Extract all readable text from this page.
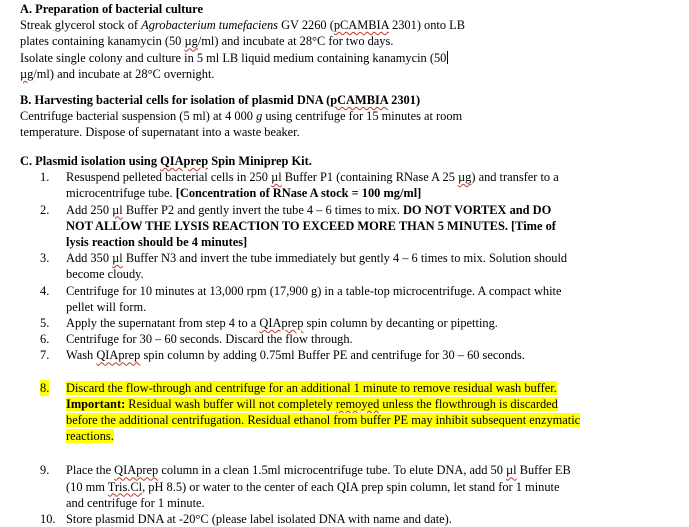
A. Preparation of bacterial culture

Streak glycerol stock of Agrobacterium tumefaciens GV 2260 (pCAMBIA 2301) onto LB

plates containing kanamycin (50 µg/ml) and incubate at 28°C for two days.

Isolate single colony and culture in 5 ml LB liquid medium containing kanamycin (50

µg/ml) and incubate at 28°C overnight.

B. Harvesting bacterial cells for isolation of plasmid DNA (pCAMBIA 2301)

Centrifuge bacterial suspension (5 ml) at 4 000 g using centrifuge for 15 minutes at room

temperature. Dispose of supernatant into a waste beaker.

C. Plasmid isolation using QIAprep Spin Miniprep Kit.
1. Resuspend pelleted bacterial cells in 250 µl Buffer P1 (containing RNase A 25 µg) and transfer to a
microcentrifuge tube. [Concentration of RNase A stock = 100 mg/ml]
2. Add 250 µl Buffer P2 and gently invert the tube 4 – 6 times to mix. DO NOT VORTEX and DO
NOT ALLOW THE LYSIS REACTION TO EXCEED MORE THAN 5 MINUTES. [Time of
lysis reaction should be 4 minutes]
3. Add 350 µl Buffer N3 and invert the tube immediately but gently 4 – 6 times to mix. Solution should
become cloudy.
4. Centrifuge for 10 minutes at 13,000 rpm (17,900 g) in a table-top microcentrifuge. A compact white
pellet will form.
5. Apply the supernatant from step 4 to a QIAprep spin column by decanting or pipetting.
6. Centrifuge for 30 – 60 seconds. Discard the flow through.
7. Wash QIAprep spin column by adding 0.75ml Buffer PE and centrifuge for 30 – 60 seconds.
8. Discard the flow-through and centrifuge for an additional 1 minute to remove residual wash buffer.
Important: Residual wash buffer will not completely remoyed unless the flowthrough is discarded
before the additional centrifugation. Residual ethanol from buffer PE may inhibit subsequent enzymatic
reactions.
9. Place the QIAprep column in a clean 1.5ml microcentrifuge tube. To elute DNA, add 50 µl Buffer EB
(10 mm Tris.Cl, pH 8.5) or water to the center of each QIA prep spin column, let stand for 1 minute
and centrifuge for 1 minute.
10. Store plasmid DNA at -20°C (please label isolated DNA with name and date).
